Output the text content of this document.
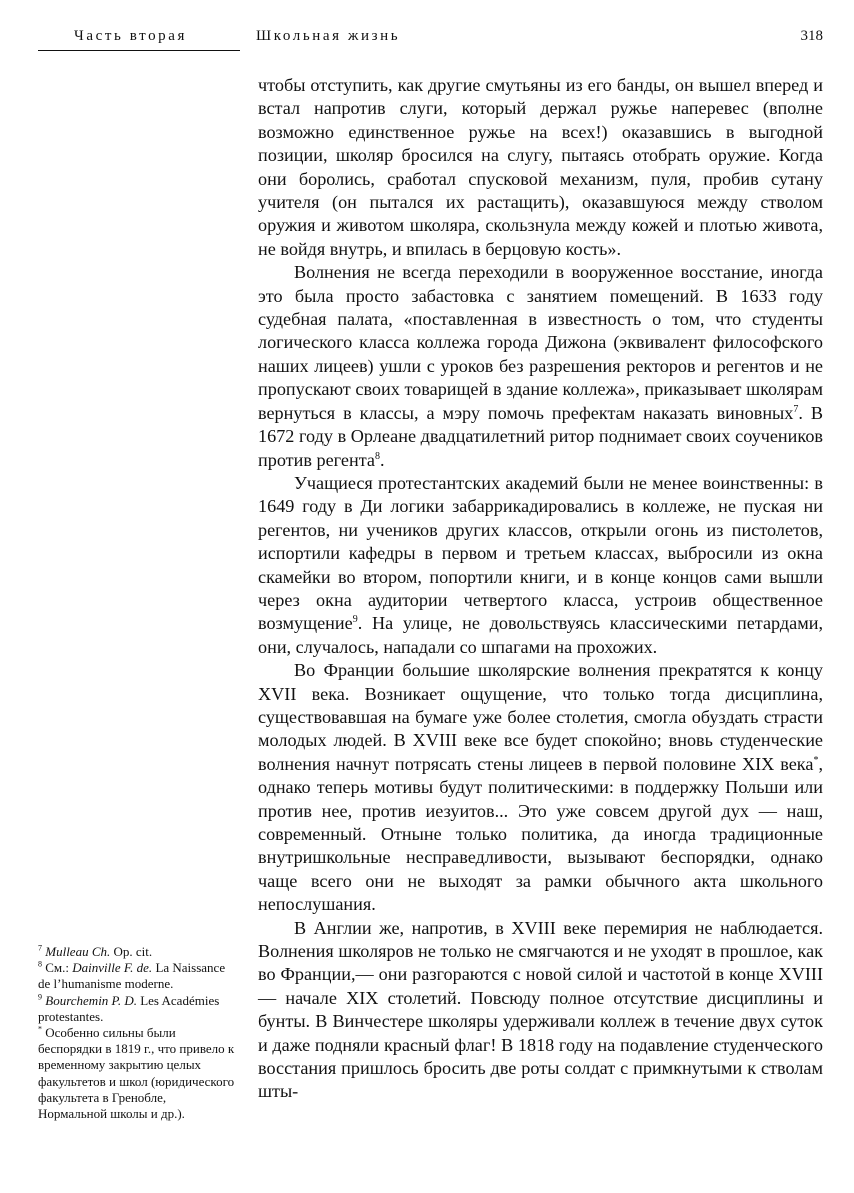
Часть вторая	Школьная жизнь	318

чтобы отступить, как другие смутьяны из его банды, он вышел вперед и встал напротив слуги, который держал ружье наперевес (вполне возможно единственное ружье на всех!) оказавшись в выгодной позиции, школяр бросился на слугу, пытаясь отобрать оружие. Когда они боролись, сработал спусковой механизм, пуля, пробив сутану учителя (он пытался их растащить), оказавшуюся между стволом оружия и животом школяра, скользнула между кожей и плотью живота, не войдя внутрь, и впилась в берцовую кость».

Волнения не всегда переходили в вооруженное восстание, иногда это была просто забастовка с занятием помещений. В 1633 году судебная палата, «поставленная в известность о том, что студенты логического класса коллежа города Дижона (эквивалент философского наших лицеев) ушли с уроков без разрешения ректоров и регентов и не пропускают своих товарищей в здание коллежа», приказывает школярам вернуться в классы, а мэру помочь префектам наказать виновных$^7$. В 1672 году в Орлеане двадцатилетний ритор поднимает своих соучеников против регента$^8$.

Учащиеся протестантских академий были не менее воинственны: в 1649 году в Ди логики забаррикадировались в коллеже, не пуская ни регентов, ни учеников других классов, открыли огонь из пистолетов, испортили кафедры в первом и третьем классах, выбросили из окна скамейки во втором, попортили книги, и в конце концов сами вышли через окна аудитории четвертого класса, устроив общественное возмущение$^9$. На улице, не довольствуясь классическими петардами, они, случалось, нападали со шпагами на прохожих.

Во Франции большие школярские волнения прекратятся к концу XVII века. Возникает ощущение, что только тогда дисциплина, существовавшая на бумаге уже более столетия, смогла обуздать страсти молодых людей. В XVIII веке все будет спокойно; вновь студенческие волнения начнут потрясать стены лицеев в первой половине XIX века*, однако теперь мотивы будут политическими: в поддержку Польши или против нее, против иезуитов... Это уже совсем другой дух — наш, современный. Отныне только политика, да иногда традиционные внутришкольные несправедливости, вызывают беспорядки, однако чаще всего они не выходят за рамки обычного акта школьного непослушания.

В Англии же, напротив, в XVIII веке перемирия не наблюдается. Волнения школяров не только не смягчаются и не уходят в прошлое, как во Франции,— они разгораются с новой силой и частотой в конце XVIII — начале XIX столетий. Повсюду полное отсутствие дисциплины и бунты. В Винчестере школяры удерживали коллеж в течение двух суток и даже подняли красный флаг! В 1818 году на подавление студенческого восстания пришлось бросить две роты солдат с примкнутыми к стволам шты-

$^7$ Mulleau Ch. Op. cit.
$^8$ См.: Dainville F. de. La Naissance de l’humanisme moderne.
$^9$ Bourchemin P. D. Les Académies protestantes.
* Особенно сильны были беспорядки в 1819 г., что привело к временному закрытию целых факультетов и школ (юридического факультета в Гренобле, Нормальной школы и др.).
